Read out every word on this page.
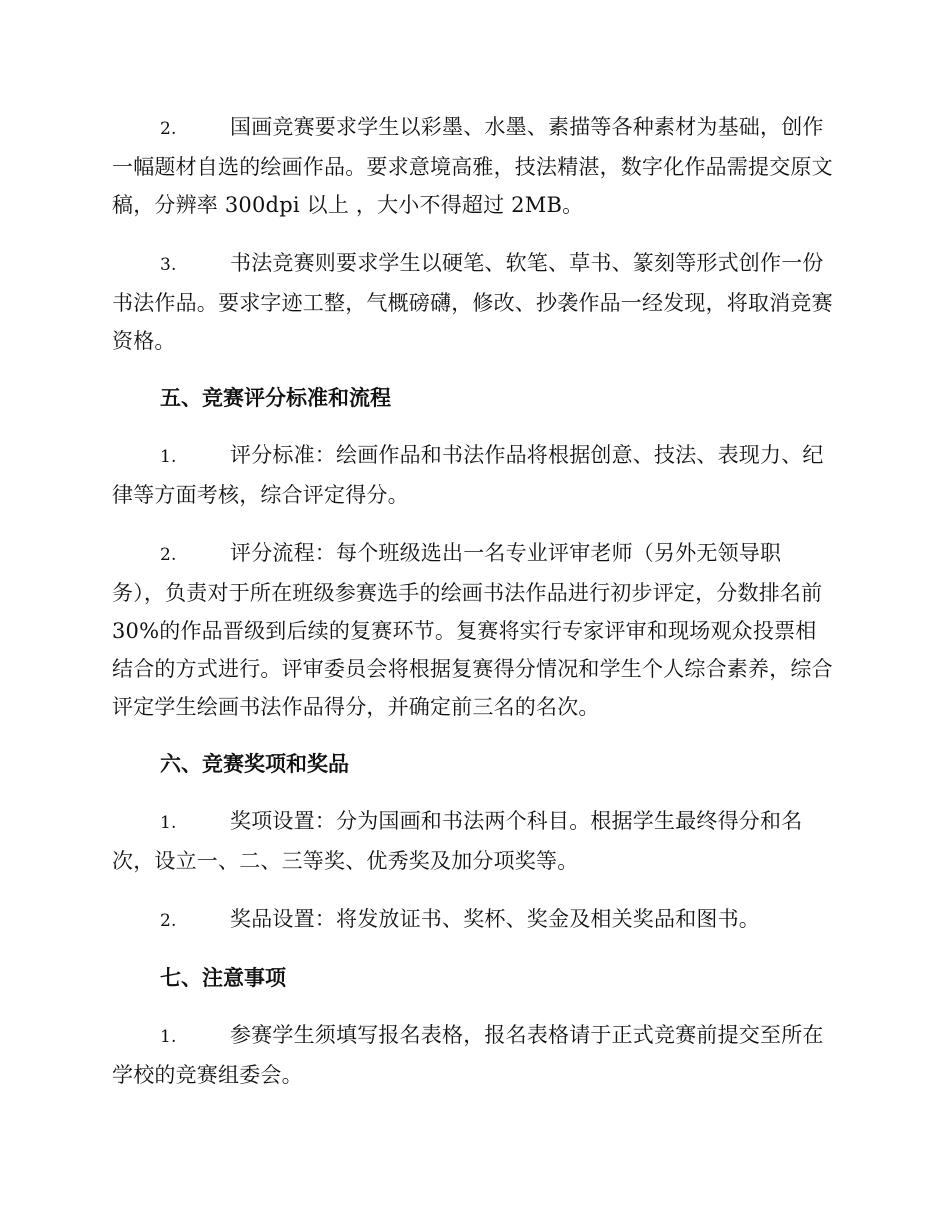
2.	国画竞赛要求学生以彩墨、水墨、素描等各种素材为基础，创作一幅题材自选的绘画作品。要求意境高雅，技法精湛，数字化作品需提交原文稿，分辨率 300dpi 以上 ，大小不得超过 2MB。

3.	书法竞赛则要求学生以硬笔、软笔、草书、篆刻等形式创作一份书法作品。要求字迹工整，气概磅礴，修改、抄袭作品一经发现，将取消竞赛资格。

五、竞赛评分标准和流程

1.	评分标准：绘画作品和书法作品将根据创意、技法、表现力、纪律等方面考核，综合评定得分。

2.	评分流程：每个班级选出一名专业评审老师（另外无领导职务），负责对于所在班级参赛选手的绘画书法作品进行初步评定，分数排名前 30%的作品晋级到后续的复赛环节。复赛将实行专家评审和现场观众投票相结合的方式进行。评审委员会将根据复赛得分情况和学生个人综合素养，综合评定学生绘画书法作品得分，并确定前三名的名次。

六、竞赛奖项和奖品

1.	奖项设置：分为国画和书法两个科目。根据学生最终得分和名次，设立一、二、三等奖、优秀奖及加分项奖等。

2.	奖品设置：将发放证书、奖杯、奖金及相关奖品和图书。

七、注意事项

1.	参赛学生须填写报名表格，报名表格请于正式竞赛前提交至所在学校的竞赛组委会。
